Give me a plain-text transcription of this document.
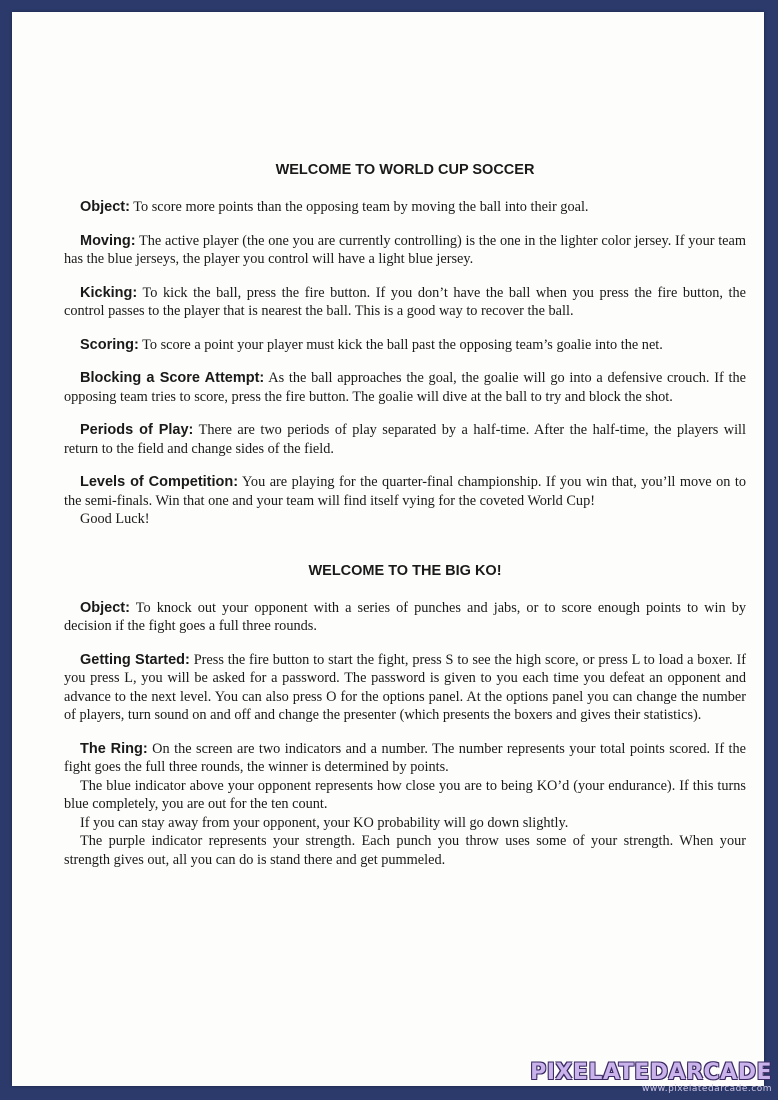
WELCOME TO WORLD CUP SOCCER

Object: To score more points than the opposing team by moving the ball into their goal.

Moving: The active player (the one you are currently controlling) is the one in the lighter color jersey. If your team has the blue jerseys, the player you control will have a light blue jersey.

Kicking: To kick the ball, press the fire button. If you don’t have the ball when you press the fire button, the control passes to the player that is nearest the ball. This is a good way to recover the ball.

Scoring: To score a point your player must kick the ball past the opposing team’s goalie into the net.

Blocking a Score Attempt: As the ball approaches the goal, the goalie will go into a defensive crouch. If the opposing team tries to score, press the fire button. The goalie will dive at the ball to try and block the shot.

Periods of Play: There are two periods of play separated by a half-time. After the half-time, the players will return to the field and change sides of the field.

Levels of Competition: You are playing for the quarter-final championship. If you win that, you’ll move on to the semi-finals. Win that one and your team will find itself vying for the coveted World Cup!

Good Luck!

WELCOME TO THE BIG KO!

Object: To knock out your opponent with a series of punches and jabs, or to score enough points to win by decision if the fight goes a full three rounds.

Getting Started: Press the fire button to start the fight, press S to see the high score, or press L to load a boxer. If you press L, you will be asked for a password. The password is given to you each time you defeat an opponent and advance to the next level. You can also press O for the options panel. At the options panel you can change the number of players, turn sound on and off and change the presenter (which presents the boxers and gives their statistics).

The Ring: On the screen are two indicators and a number. The number represents your total points scored. If the fight goes the full three rounds, the winner is determined by points.

The blue indicator above your opponent represents how close you are to being KO’d (your endurance). If this turns blue completely, you are out for the ten count.

If you can stay away from your opponent, your KO probability will go down slightly.

The purple indicator represents your strength. Each punch you throw uses some of your strength. When your strength gives out, all you can do is stand there and get pummeled.

PIXELATEDARCADE
www.pixelatedarcade.com
